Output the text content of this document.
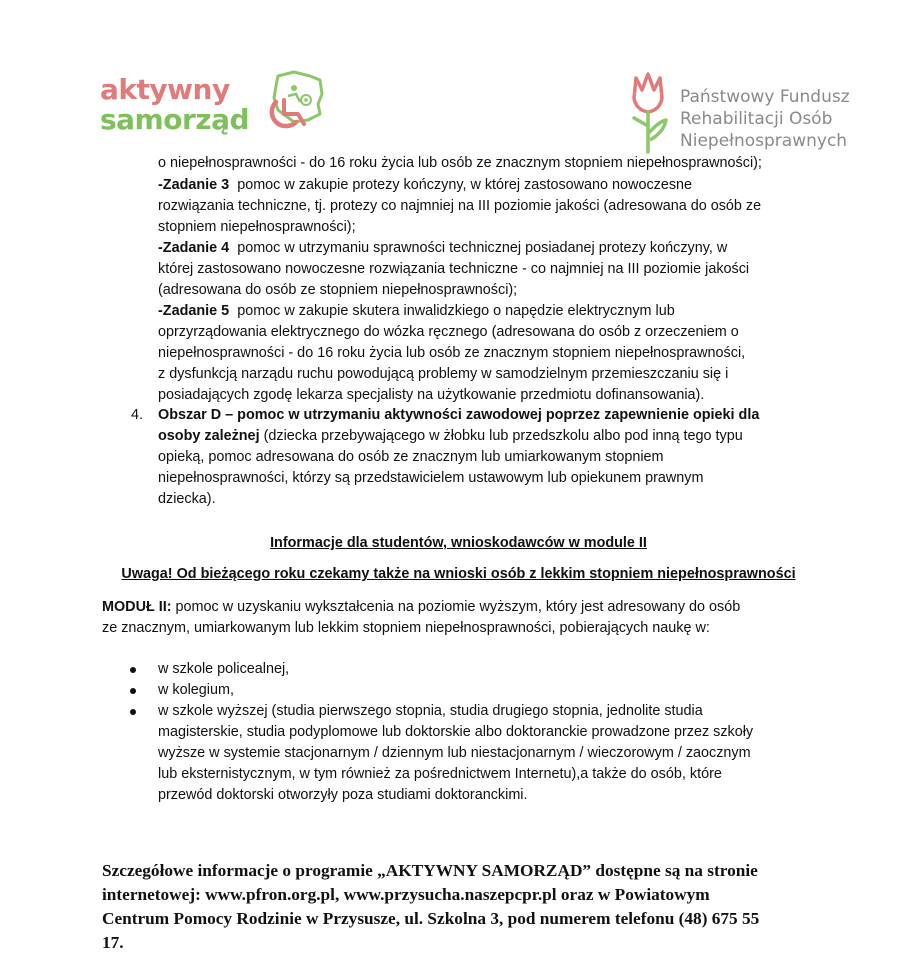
aktywny
samorząd
Państwowy Fundusz
Rehabilitacji Osób
Niepełnosprawnych
o niepełnosprawności - do 16 roku życia lub osób ze znacznym stopniem niepełnosprawności);
-Zadanie 3 pomoc w zakupie protezy kończyny, w której zastosowano nowoczesne
rozwiązania techniczne, tj. protezy co najmniej na III poziomie jakości (adresowana do osób ze
stopniem niepełnosprawności);
-Zadanie 4 pomoc w utrzymaniu sprawności technicznej posiadanej protezy kończyny, w
której zastosowano nowoczesne rozwiązania techniczne - co najmniej na III poziomie jakości
(adresowana do osób ze stopniem niepełnosprawności);
-Zadanie 5 pomoc w zakupie skutera inwalidzkiego o napędzie elektrycznym lub
oprzyrządowania elektrycznego do wózka ręcznego (adresowana do osób z orzeczeniem o
niepełnosprawności - do 16 roku życia lub osób ze znacznym stopniem niepełnosprawności,
z dysfunkcją narządu ruchu powodującą problemy w samodzielnym przemieszczaniu się i
posiadających zgodę lekarza specjalisty na użytkowanie przedmiotu dofinansowania).
4. Obszar D – pomoc w utrzymaniu aktywności zawodowej poprzez zapewnienie opieki dla
osoby zależnej (dziecka przebywającego w żłobku lub przedszkolu albo pod inną tego typu
opieką, pomoc adresowana do osób ze znacznym lub umiarkowanym stopniem
niepełnosprawności, którzy są przedstawicielem ustawowym lub opiekunem prawnym
dziecka).
Informacje dla studentów, wnioskodawców w module II
Uwaga! Od bieżącego roku czekamy także na wnioski osób z lekkim stopniem niepełnosprawności
MODUŁ II: pomoc w uzyskaniu wykształcenia na poziomie wyższym, który jest adresowany do osób
ze znacznym, umiarkowanym lub lekkim stopniem niepełnosprawności, pobierających naukę w:
w szkole policealnej,
w kolegium,
w szkole wyższej (studia pierwszego stopnia, studia drugiego stopnia, jednolite studia
magisterskie, studia podyplomowe lub doktorskie albo doktoranckie prowadzone przez szkoły
wyższe w systemie stacjonarnym / dziennym lub niestacjonarnym / wieczorowym / zaocznym
lub eksternistycznym, w tym również za pośrednictwem Internetu),a także do osób, które
przewód doktorski otworzyły poza studiami doktoranckimi.
Szczegółowe informacje o programie „AKTYWNY SAMORZĄD” dostępne są na stronie
internetowej: www.pfron.org.pl, www.przysucha.naszepcpr.pl oraz w Powiatowym
Centrum Pomocy Rodzinie w Przysusze, ul. Szkolna 3, pod numerem telefonu (48) 675 55
17.
